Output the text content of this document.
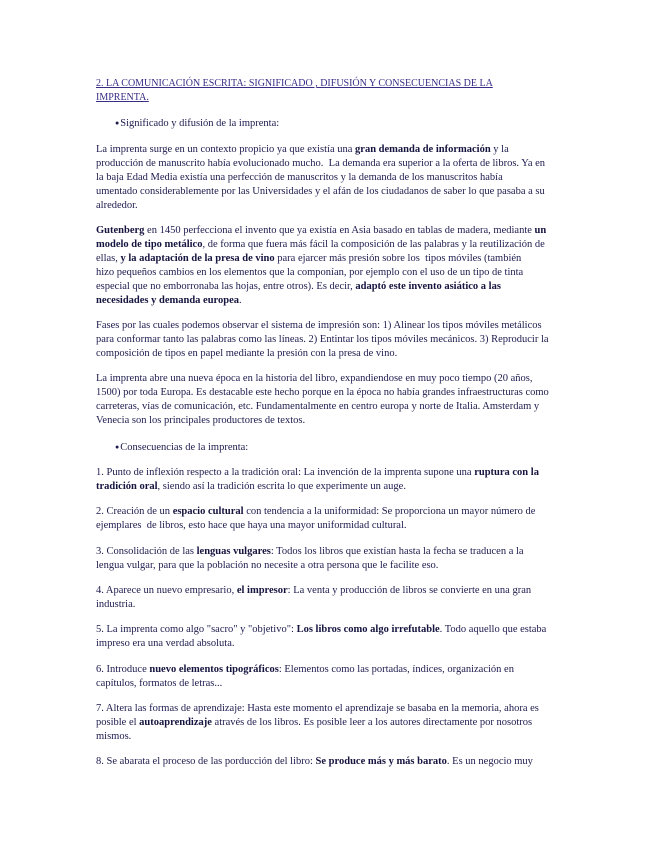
2. LA COMUNICACIÓN ESCRITA: SIGNIFICADO , DIFUSIÓN Y CONSECUENCIAS DE LA
IMPRENTA.
●Significado y difusión de la imprenta:
La imprenta surge en un contexto propicio ya que existía una gran demanda de información y la
producción de manuscrito había evolucionado mucho.  La demanda era superior a la oferta de libros. Ya en
la baja Edad Media existía una perfección de manuscritos y la demanda de los manuscritos había
umentado considerablemente por las Universidades y el afán de los ciudadanos de saber lo que pasaba a su
alrededor.
Gutenberg en 1450 perfecciona el invento que ya existía en Asia basado en tablas de madera, mediante un
modelo de tipo metálico, de forma que fuera más fácil la composición de las palabras y la reutilización de
ellas, y la adaptación de la presa de vino para ejarcer más presión sobre los  tipos móviles (también
hizo pequeños cambios en los elementos que la componían, por ejemplo con el uso de un tipo de tinta
especial que no emborronaba las hojas, entre otros). Es decir, adaptó este invento asiático a las
necesidades y demanda europea.
Fases por las cuales podemos observar el sistema de impresión son: 1) Alinear los tipos móviles metálicos
para conformar tanto las palabras como las líneas. 2) Entintar los tipos móviles mecánicos. 3) Reproducir la
composición de tipos en papel mediante la presión con la presa de vino.
La imprenta abre una nueva época en la historia del libro, expandiendose en muy poco tiempo (20 años,
1500) por toda Europa. Es destacable este hecho porque en la época no había grandes infraestructuras como
carreteras, vías de comunicación, etc. Fundamentalmente en centro europa y norte de Italia. Amsterdam y
Venecia son los principales productores de textos.
●Consecuencias de la imprenta:
1. Punto de inflexión respecto a la tradición oral: La invención de la imprenta supone una ruptura con la
tradición oral, siendo así la tradición escrita lo que experimente un auge.
2. Creación de un espacio cultural con tendencia a la uniformidad: Se proporciona un mayor número de
ejemplares  de libros, esto hace que haya una mayor uniformidad cultural.
3. Consolidación de las lenguas vulgares: Todos los libros que existían hasta la fecha se traducen a la
lengua vulgar, para que la población no necesite a otra persona que le facilite eso.
4. Aparece un nuevo empresario, el impresor: La venta y producción de libros se convierte en una gran
industria.
5. La imprenta como algo "sacro" y "objetivo": Los libros como algo irrefutable. Todo aquello que estaba
impreso era una verdad absoluta.
6. Introduce nuevo elementos tipográficos: Elementos como las portadas, índices, organización en
capítulos, formatos de letras...
7. Altera las formas de aprendizaje: Hasta este momento el aprendizaje se basaba en la memoria, ahora es
posible el autoaprendizaje através de los libros. Es posible leer a los autores directamente por nosotros
mismos.
8. Se abarata el proceso de las porducción del libro: Se produce más y más barato. Es un negocio muy
